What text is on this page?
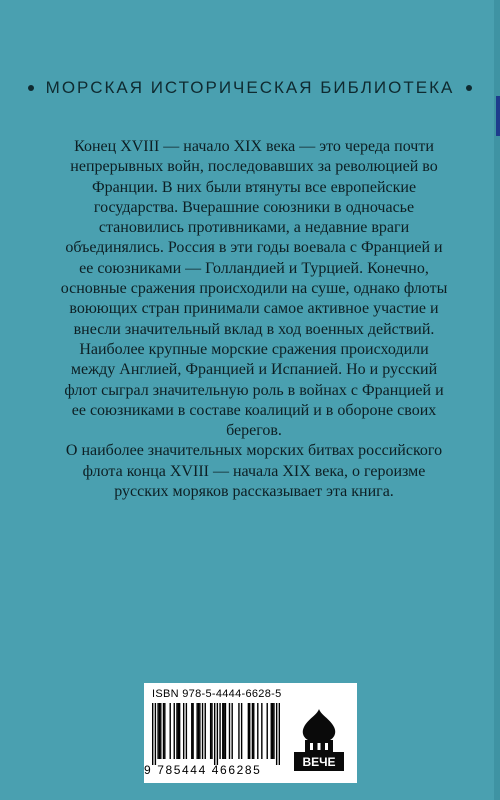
МОРСКАЯ ИСТОРИЧЕСКАЯ БИБЛИОТЕКА

Конец XVIII — начало XIX века — это череда почти непрерывных войн, последовавших за революцией во Франции. В них были втянуты все европейские государства. Вчерашние союзники в одночасье становились противниками, а недавние враги объединялись. Россия в эти годы воевала с Францией и ее союзниками — Голландией и Турцией. Конечно, основные сражения происходили на суше, однако флоты воюющих стран принимали самое активное участие и внесли значительный вклад в ход военных действий. Наиболее крупные морские сражения происходили между Англией, Францией и Испанией. Но и русский флот сыграл значительную роль в войнах с Францией и ее союзниками в составе коалиций и в обороне своих берегов.

О наиболее значительных морских битвах российского флота конца XVIII — начала XIX века, о героизме русских моряков рассказывает эта книга.

ISBN 978-5-4444-6628-5
9 785444 466285
ВЕЧЕ
